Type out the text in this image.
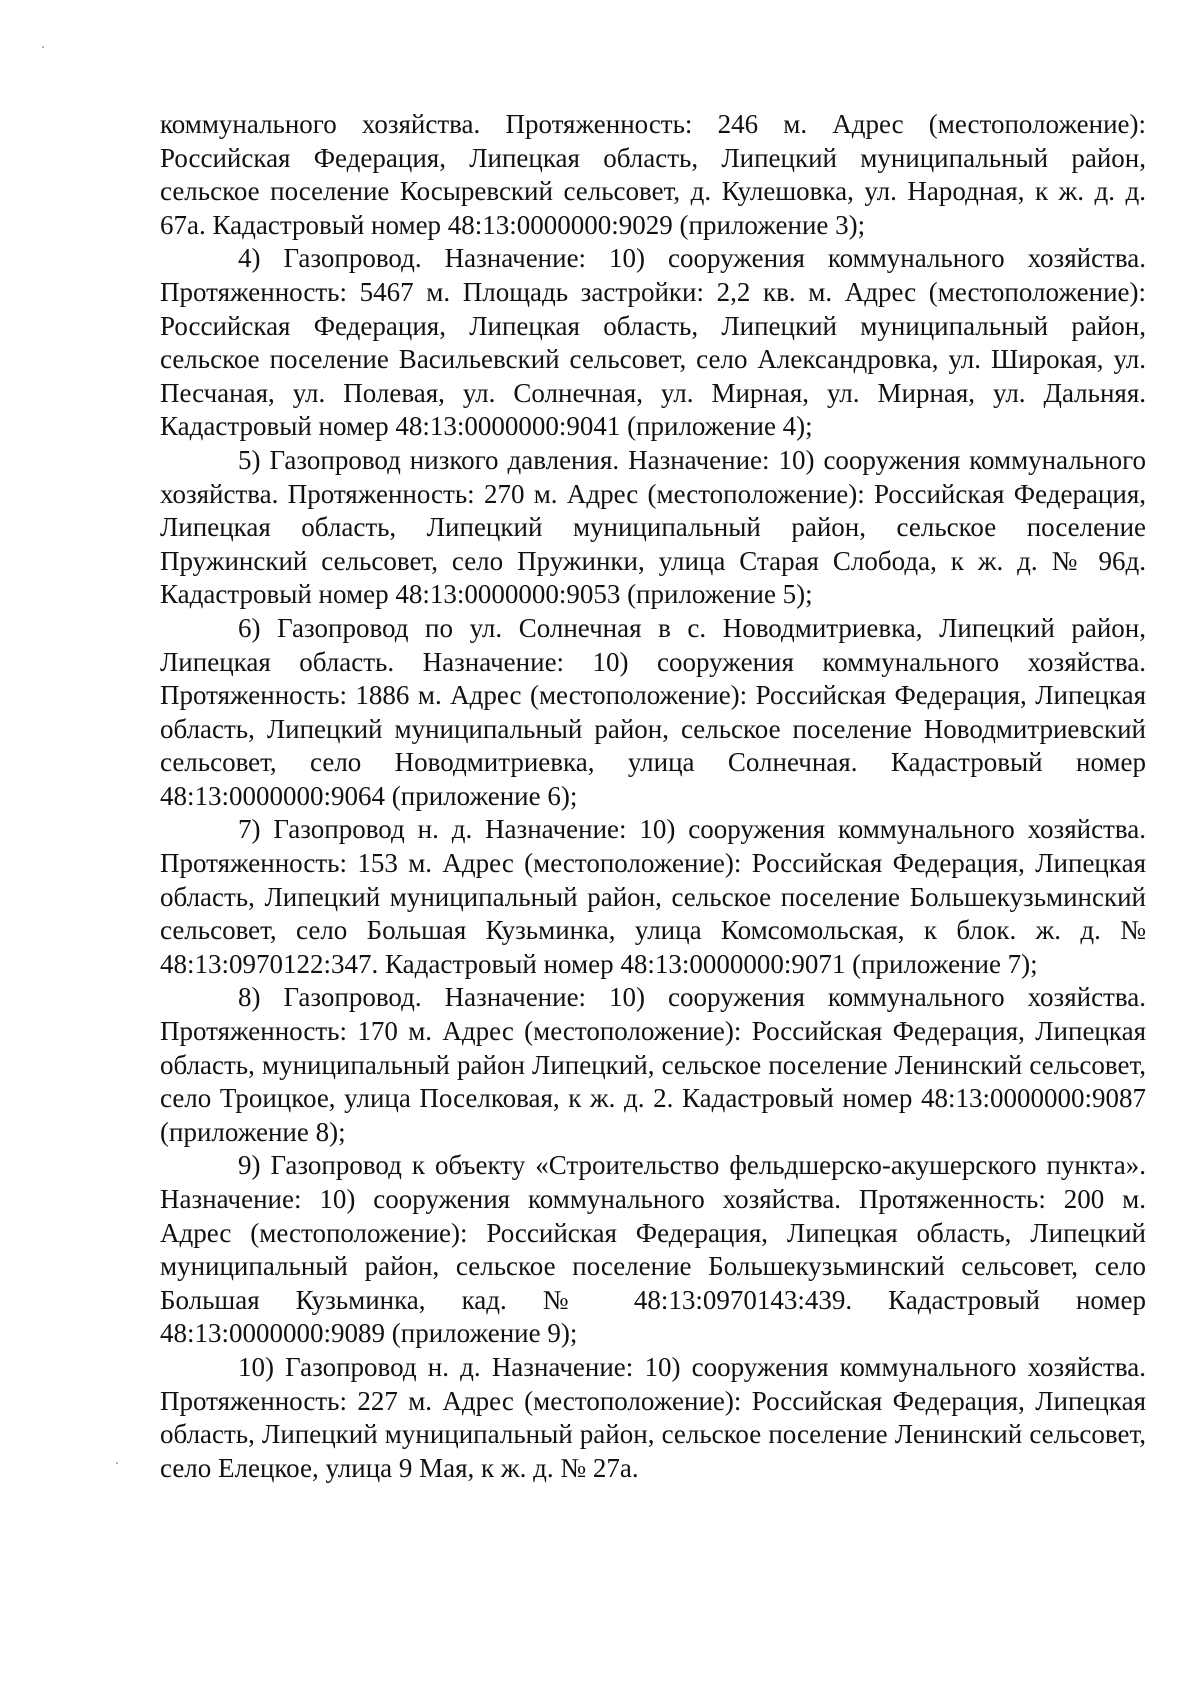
коммунального хозяйства. Протяженность: 246 м. Адрес (местоположение): Российская Федерация, Липецкая область, Липецкий муниципальный район, сельское поселение Косыревский сельсовет, д. Кулешовка, ул. Народная, к ж. д. д. 67а. Кадастровый номер 48:13:0000000:9029 (приложение 3);

4) Газопровод. Назначение: 10) сооружения коммунального хозяйства. Протяженность: 5467 м. Площадь застройки: 2,2 кв. м. Адрес (местоположение): Российская Федерация, Липецкая область, Липецкий муниципальный район, сельское поселение Васильевский сельсовет, село Александровка, ул. Широкая, ул. Песчаная, ул. Полевая, ул. Солнечная, ул. Мирная, ул. Мирная, ул. Дальняя. Кадастровый номер 48:13:0000000:9041 (приложение 4);

5) Газопровод низкого давления. Назначение: 10) сооружения коммунального хозяйства. Протяженность: 270 м. Адрес (местоположение): Российская Федерация, Липецкая область, Липецкий муниципальный район, сельское поселение Пружинский сельсовет, село Пружинки, улица Старая Слобода, к ж. д. № 96д. Кадастровый номер 48:13:0000000:9053 (приложение 5);

6) Газопровод по ул. Солнечная в с. Новодмитриевка, Липецкий район, Липецкая область. Назначение: 10) сооружения коммунального хозяйства. Протяженность: 1886 м. Адрес (местоположение): Российская Федерация, Липецкая область, Липецкий муниципальный район, сельское поселение Новодмитриевский сельсовет, село Новодмитриевка, улица Солнечная. Кадастровый номер 48:13:0000000:9064 (приложение 6);

7) Газопровод н. д. Назначение: 10) сооружения коммунального хозяйства. Протяженность: 153 м. Адрес (местоположение): Российская Федерация, Липецкая область, Липецкий муниципальный район, сельское поселение Большекузьминский сельсовет, село Большая Кузьминка, улица Комсомольская, к блок. ж. д. № 48:13:0970122:347. Кадастровый номер 48:13:0000000:9071 (приложение 7);

8) Газопровод. Назначение: 10) сооружения коммунального хозяйства. Протяженность: 170 м. Адрес (местоположение): Российская Федерация, Липецкая область, муниципальный район Липецкий, сельское поселение Ленинский сельсовет, село Троицкое, улица Поселковая, к ж. д. 2. Кадастровый номер 48:13:0000000:9087 (приложение 8);

9) Газопровод к объекту «Строительство фельдшерско-акушерского пункта». Назначение: 10) сооружения коммунального хозяйства. Протяженность: 200 м. Адрес (местоположение): Российская Федерация, Липецкая область, Липецкий муниципальный район, сельское поселение Большекузьминский сельсовет, село Большая Кузьминка, кад. № 48:13:0970143:439. Кадастровый номер 48:13:0000000:9089 (приложение 9);

10) Газопровод н. д. Назначение: 10) сооружения коммунального хозяйства. Протяженность: 227 м. Адрес (местоположение): Российская Федерация, Липецкая область, Липецкий муниципальный район, сельское поселение Ленинский сельсовет, село Елецкое, улица 9 Мая, к ж. д. № 27а.
